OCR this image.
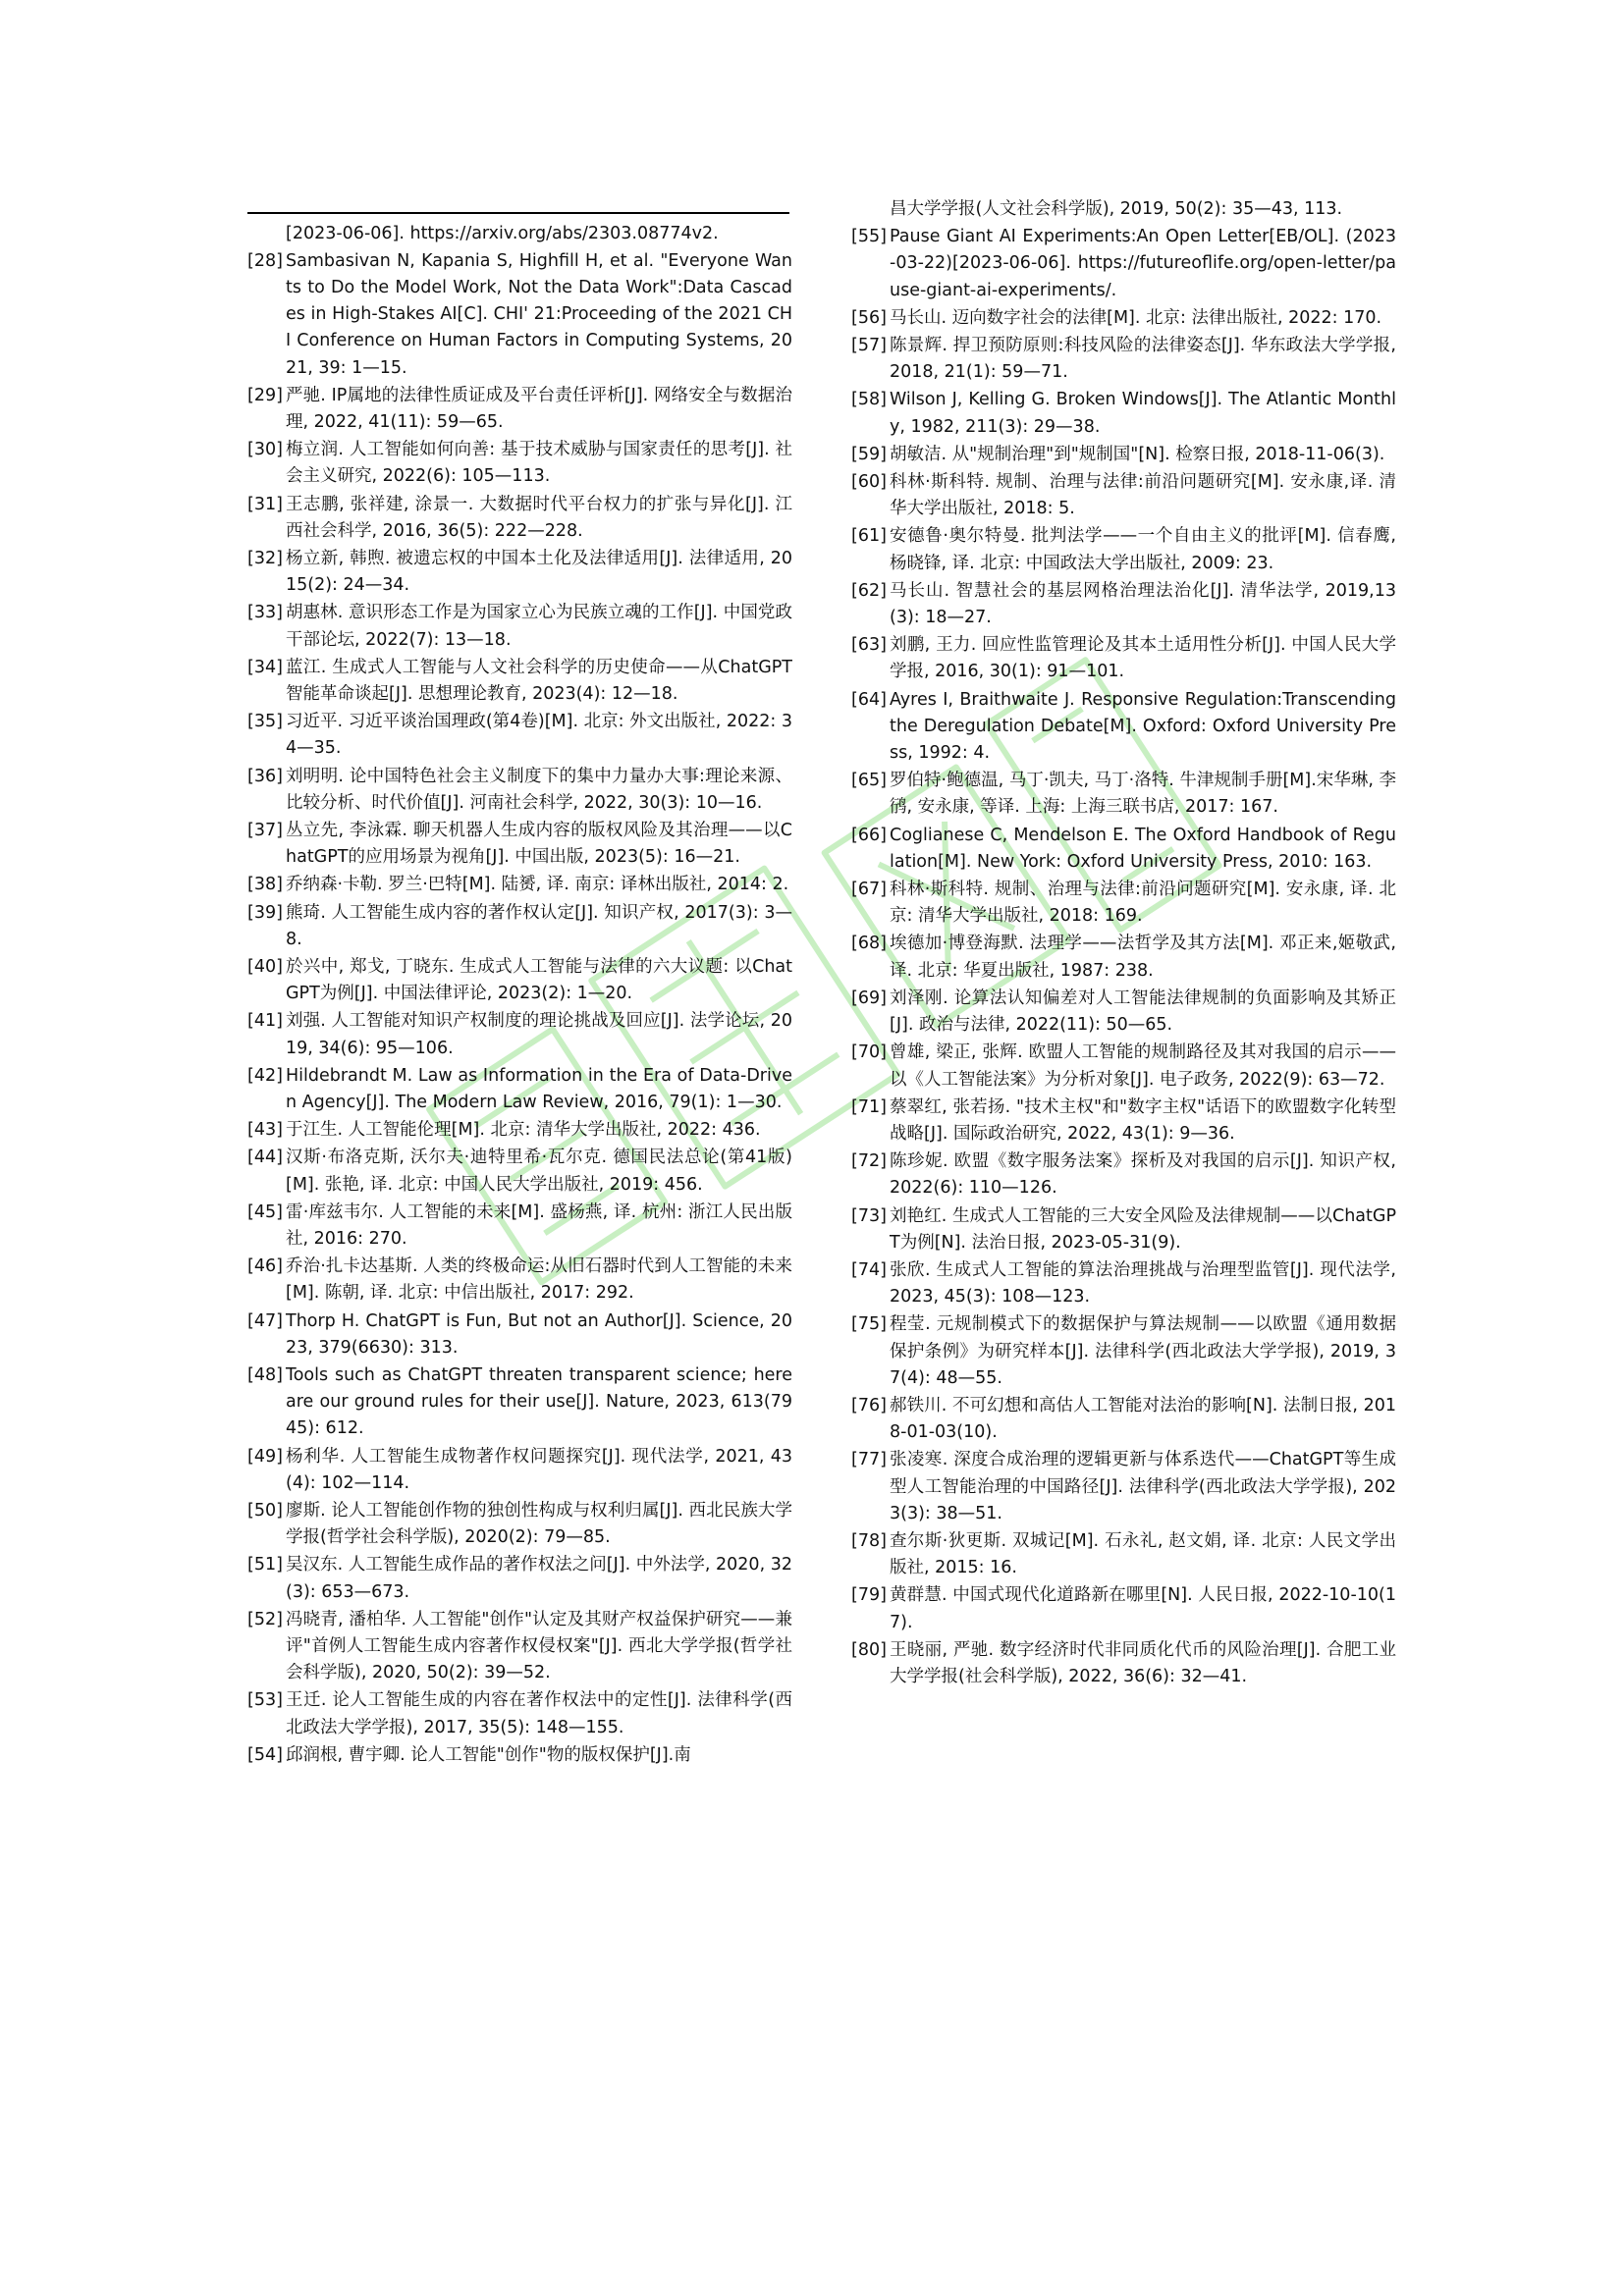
[2023-06-06]. https://arxiv.org/abs/2303.08774v2.
[28] Sambasivan N, Kapania S, Highfill H, et al. "Everyone Wants to Do the Model Work, Not the Data Work":Data Cascades in High-Stakes AI[C]. CHI' 21:Proceeding of the 2021 CHI Conference on Human Factors in Computing Systems, 2021, 39: 1—15.
[29] 严驰. IP属地的法律性质证成及平台责任评析[J]. 网络安全与数据治理, 2022, 41(11): 59—65.
[30] 梅立润. 人工智能如何向善: 基于技术威胁与国家责任的思考[J]. 社会主义研究, 2022(6): 105—113.
[31] 王志鹏, 张祥建, 涂景一. 大数据时代平台权力的扩张与异化[J]. 江西社会科学, 2016, 36(5): 222—228.
[32] 杨立新, 韩煦. 被遗忘权的中国本土化及法律适用[J]. 法律适用, 2015(2): 24—34.
[33] 胡惠林. 意识形态工作是为国家立心为民族立魂的工作[J]. 中国党政干部论坛, 2022(7): 13—18.
[34] 蓝江. 生成式人工智能与人文社会科学的历史使命——从ChatGPT智能革命谈起[J]. 思想理论教育, 2023(4): 12—18.
[35] 习近平. 习近平谈治国理政(第4卷)[M]. 北京: 外文出版社, 2022: 34—35.
[36] 刘明明. 论中国特色社会主义制度下的集中力量办大事:理论来源、比较分析、时代价值[J]. 河南社会科学, 2022, 30(3): 10—16.
[37] 丛立先, 李泳霖. 聊天机器人生成内容的版权风险及其治理——以ChatGPT的应用场景为视角[J]. 中国出版, 2023(5): 16—21.
[38] 乔纳森·卡勒. 罗兰·巴特[M]. 陆赟, 译. 南京: 译林出版社, 2014: 2.
[39] 熊琦. 人工智能生成内容的著作权认定[J]. 知识产权, 2017(3): 3—8.
[40] 於兴中, 郑戈, 丁晓东. 生成式人工智能与法律的六大议题: 以ChatGPT为例[J]. 中国法律评论, 2023(2): 1—20.
[41] 刘强. 人工智能对知识产权制度的理论挑战及回应[J]. 法学论坛, 2019, 34(6): 95—106.
[42] Hildebrandt M. Law as Information in the Era of Data-Driven Agency[J]. The Modern Law Review, 2016, 79(1): 1—30.
[43] 于江生. 人工智能伦理[M]. 北京: 清华大学出版社, 2022: 436.
[44] 汉斯·布洛克斯, 沃尔夫·迪特里希·瓦尔克. 德国民法总论(第41版)[M]. 张艳, 译. 北京: 中国人民大学出版社, 2019: 456.
[45] 雷·库兹韦尔. 人工智能的未来[M]. 盛杨燕, 译. 杭州: 浙江人民出版社, 2016: 270.
[46] 乔治·扎卡达基斯. 人类的终极命运:从旧石器时代到人工智能的未来[M]. 陈朝, 译. 北京: 中信出版社, 2017: 292.
[47] Thorp H. ChatGPT is Fun, But not an Author[J]. Science, 2023, 379(6630): 313.
[48] Tools such as ChatGPT threaten transparent science; here are our ground rules for their use[J]. Nature, 2023, 613(7945): 612.
[49] 杨利华. 人工智能生成物著作权问题探究[J]. 现代法学, 2021, 43(4): 102—114.
[50] 廖斯. 论人工智能创作物的独创性构成与权利归属[J]. 西北民族大学学报(哲学社会科学版), 2020(2): 79—85.
[51] 吴汉东. 人工智能生成作品的著作权法之问[J]. 中外法学, 2020, 32(3): 653—673.
[52] 冯晓青, 潘柏华. 人工智能"创作"认定及其财产权益保护研究——兼评"首例人工智能生成内容著作权侵权案"[J]. 西北大学学报(哲学社会科学版), 2020, 50(2): 39—52.
[53] 王迁. 论人工智能生成的内容在著作权法中的定性[J]. 法律科学(西北政法大学学报), 2017, 35(5): 148—155.
[54] 邱润根, 曹宇卿. 论人工智能"创作"物的版权保护[J].南
昌大学学报(人文社会科学版), 2019, 50(2): 35—43, 113.
[55] Pause Giant AI Experiments:An Open Letter[EB/OL]. (2023-03-22)[2023-06-06]. https://futureoflife.org/open-letter/pause-giant-ai-experiments/.
[56] 马长山. 迈向数字社会的法律[M]. 北京: 法律出版社, 2022: 170.
[57] 陈景辉. 捍卫预防原则:科技风险的法律姿态[J]. 华东政法大学学报, 2018, 21(1): 59—71.
[58] Wilson J, Kelling G. Broken Windows[J]. The Atlantic Monthly, 1982, 211(3): 29—38.
[59] 胡敏洁. 从"规制治理"到"规制国"[N]. 检察日报, 2018-11-06(3).
[60] 科林·斯科特. 规制、治理与法律:前沿问题研究[M]. 安永康,译. 清华大学出版社, 2018: 5.
[61] 安德鲁·奥尔特曼. 批判法学——一个自由主义的批评[M]. 信春鹰, 杨晓锋, 译. 北京: 中国政法大学出版社, 2009: 23.
[62] 马长山. 智慧社会的基层网格治理法治化[J]. 清华法学, 2019,13(3): 18—27.
[63] 刘鹏, 王力. 回应性监管理论及其本土适用性分析[J]. 中国人民大学学报, 2016, 30(1): 91—101.
[64] Ayres I, Braithwaite J. Responsive Regulation:Transcending the Deregulation Debate[M]. Oxford: Oxford University Press, 1992: 4.
[65] 罗伯特·鲍德温, 马丁·凯夫, 马丁·洛特. 牛津规制手册[M].宋华琳, 李鸻, 安永康, 等译. 上海: 上海三联书店, 2017: 167.
[66] Coglianese C, Mendelson E. The Oxford Handbook of Regulation[M]. New York: Oxford University Press, 2010: 163.
[67] 科林·斯科特. 规制、治理与法律:前沿问题研究[M]. 安永康, 译. 北京: 清华大学出版社, 2018: 169.
[68] 埃德加·博登海默. 法理学——法哲学及其方法[M]. 邓正来,姬敬武, 译. 北京: 华夏出版社, 1987: 238.
[69] 刘泽刚. 论算法认知偏差对人工智能法律规制的负面影响及其矫正[J]. 政治与法律, 2022(11): 50—65.
[70] 曾雄, 梁正, 张辉. 欧盟人工智能的规制路径及其对我国的启示——以《人工智能法案》为分析对象[J]. 电子政务, 2022(9): 63—72.
[71] 蔡翠红, 张若扬. "技术主权"和"数字主权"话语下的欧盟数字化转型战略[J]. 国际政治研究, 2022, 43(1): 9—36.
[72] 陈珍妮. 欧盟《数字服务法案》探析及对我国的启示[J]. 知识产权, 2022(6): 110—126.
[73] 刘艳红. 生成式人工智能的三大安全风险及法律规制——以ChatGPT为例[N]. 法治日报, 2023-05-31(9).
[74] 张欣. 生成式人工智能的算法治理挑战与治理型监管[J]. 现代法学, 2023, 45(3): 108—123.
[75] 程莹. 元规制模式下的数据保护与算法规制——以欧盟《通用数据保护条例》为研究样本[J]. 法律科学(西北政法大学学报), 2019, 37(4): 48—55.
[76] 郝铁川. 不可幻想和高估人工智能对法治的影响[N]. 法制日报, 2018-01-03(10).
[77] 张凌寒. 深度合成治理的逻辑更新与体系迭代——ChatGPT等生成型人工智能治理的中国路径[J]. 法律科学(西北政法大学学报), 2023(3): 38—51.
[78] 查尔斯·狄更斯. 双城记[M]. 石永礼, 赵文娟, 译. 北京: 人民文学出版社, 2015: 16.
[79] 黄群慧. 中国式现代化道路新在哪里[N]. 人民日报, 2022-10-10(17).
[80] 王晓丽, 严驰. 数字经济时代非同质化代币的风险治理[J]. 合肥工业大学学报(社会科学版), 2022, 36(6): 32—41.
